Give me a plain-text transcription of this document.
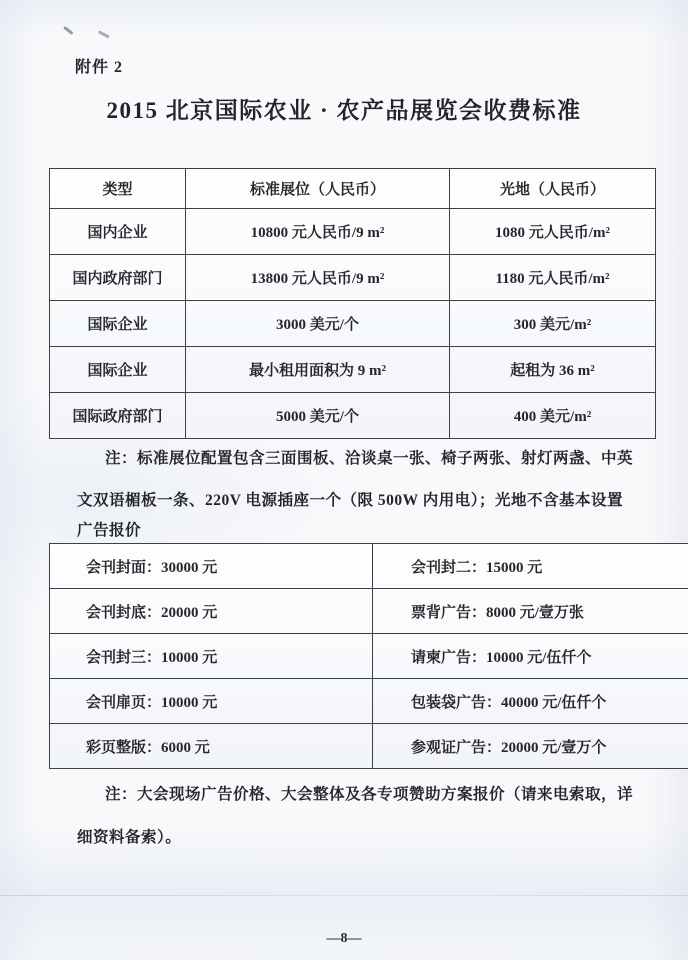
附件 2
2015 北京国际农业 · 农产品展览会收费标准
类型	标准展位（人民币）	光地（人民币）
国内企业	10800 元人民币/9 m²	1080 元人民币/m²
国内政府部门	13800 元人民币/9 m²	1180 元人民币/m²
国际企业	3000 美元/个	300 美元/m²
国际企业	最小租用面积为 9 m²	起租为 36 m²
国际政府部门	5000 美元/个	400 美元/m²
注：标准展位配置包含三面围板、洽谈桌一张、椅子两张、射灯两盏、中英
文双语楣板一条、220V 电源插座一个（限 500W 内用电）；光地不含基本设置
广告报价
会刊封面：30000 元	会刊封二：15000 元
会刊封底：20000 元	票背广告：8000 元/壹万张
会刊封三：10000 元	请柬广告：10000 元/伍仟个
会刊扉页：10000 元	包装袋广告：40000 元/伍仟个
彩页整版：6000 元	参观证广告：20000 元/壹万个
注：大会现场广告价格、大会整体及各专项赞助方案报价（请来电索取，详
细资料备索）。
—8—
